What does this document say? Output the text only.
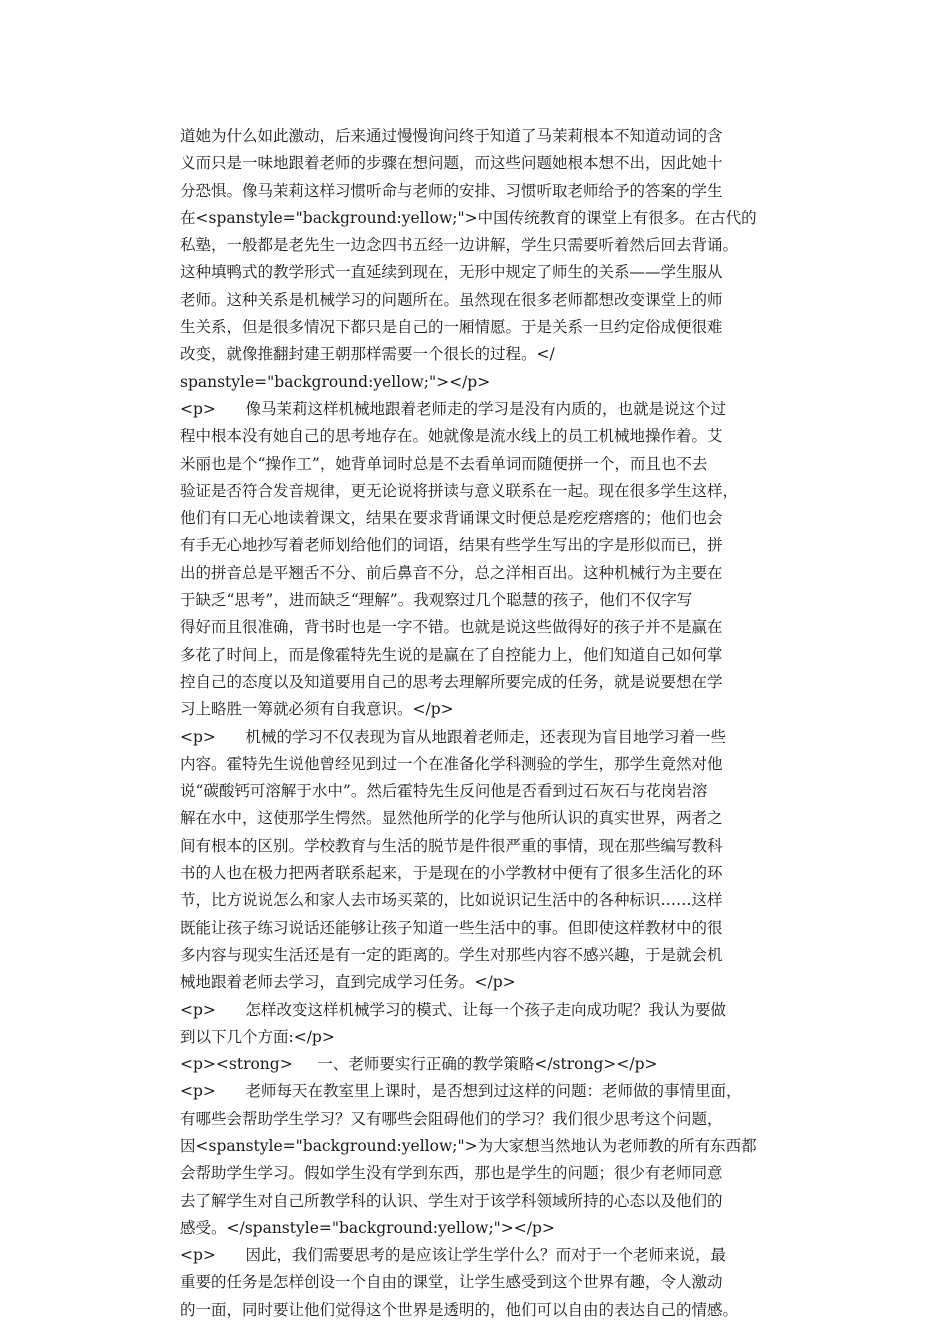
道她为什么如此激动，后来通过慢慢询问终于知道了马茉莉根本不知道动词的含
义而只是一味地跟着老师的步骤在想问题，而这些问题她根本想不出，因此她十
分恐惧。像马茉莉这样习惯听命与老师的安排、习惯听取老师给予的答案的学生
在<spanstyle="background:yellow;">中国传统教育的课堂上有很多。在古代的
私塾，一般都是老先生一边念四书五经一边讲解，学生只需要听着然后回去背诵。
这种填鸭式的教学形式一直延续到现在，无形中规定了师生的关系——学生服从
老师。这种关系是机械学习的问题所在。虽然现在很多老师都想改变课堂上的师
生关系，但是很多情况下都只是自己的一厢情愿。于是关系一旦约定俗成便很难
改变，就像推翻封建王朝那样需要一个很长的过程。</
spanstyle="background:yellow;"></p>
<p>      像马茉莉这样机械地跟着老师走的学习是没有内质的，也就是说这个过
程中根本没有她自己的思考地存在。她就像是流水线上的员工机械地操作着。艾
米丽也是个“操作工”，她背单词时总是不去看单词而随便拼一个，而且也不去
验证是否符合发音规律，更无论说将拼读与意义联系在一起。现在很多学生这样，
他们有口无心地读着课文，结果在要求背诵课文时便总是疙疙瘩瘩的；他们也会
有手无心地抄写着老师划给他们的词语，结果有些学生写出的字是形似而已，拼
出的拼音总是平翘舌不分、前后鼻音不分，总之洋相百出。这种机械行为主要在
于缺乏“思考”，进而缺乏“理解”。我观察过几个聪慧的孩子，他们不仅字写
得好而且很准确，背书时也是一字不错。也就是说这些做得好的孩子并不是赢在
多花了时间上，而是像霍特先生说的是赢在了自控能力上，他们知道自己如何掌
控自己的态度以及知道要用自己的思考去理解所要完成的任务，就是说要想在学
习上略胜一筹就必须有自我意识。</p>
<p>      机械的学习不仅表现为盲从地跟着老师走，还表现为盲目地学习着一些
内容。霍特先生说他曾经见到过一个在准备化学科测验的学生，那学生竟然对他
说“碳酸钙可溶解于水中”。然后霍特先生反问他是否看到过石灰石与花岗岩溶
解在水中，这使那学生愕然。显然他所学的化学与他所认识的真实世界，两者之
间有根本的区别。学校教育与生活的脱节是件很严重的事情，现在那些编写教科
书的人也在极力把两者联系起来，于是现在的小学教材中便有了很多生活化的环
节，比方说说怎么和家人去市场买菜的，比如说识记生活中的各种标识……这样
既能让孩子练习说话还能够让孩子知道一些生活中的事。但即使这样教材中的很
多内容与现实生活还是有一定的距离的。学生对那些内容不感兴趣，于是就会机
械地跟着老师去学习，直到完成学习任务。</p>
<p>      怎样改变这样机械学习的模式、让每一个孩子走向成功呢？我认为要做
到以下几个方面:</p>
<p><strong>     一、老师要实行正确的教学策略</strong></p>
<p>      老师每天在教室里上课时，是否想到过这样的问题：老师做的事情里面，
有哪些会帮助学生学习？又有哪些会阻碍他们的学习？我们很少思考这个问题，
因<spanstyle="background:yellow;">为大家想当然地认为老师教的所有东西都
会帮助学生学习。假如学生没有学到东西，那也是学生的问题；很少有老师同意
去了解学生对自己所教学科的认识、学生对于该学科领域所持的心态以及他们的
感受。</spanstyle="background:yellow;"></p>
<p>      因此，我们需要思考的是应该让学生学什么？而对于一个老师来说，最
重要的任务是怎样创设一个自由的课堂，让学生感受到这个世界有趣，令人激动
的一面，同时要让他们觉得这个世界是透明的，他们可以自由的表达自己的情感。
